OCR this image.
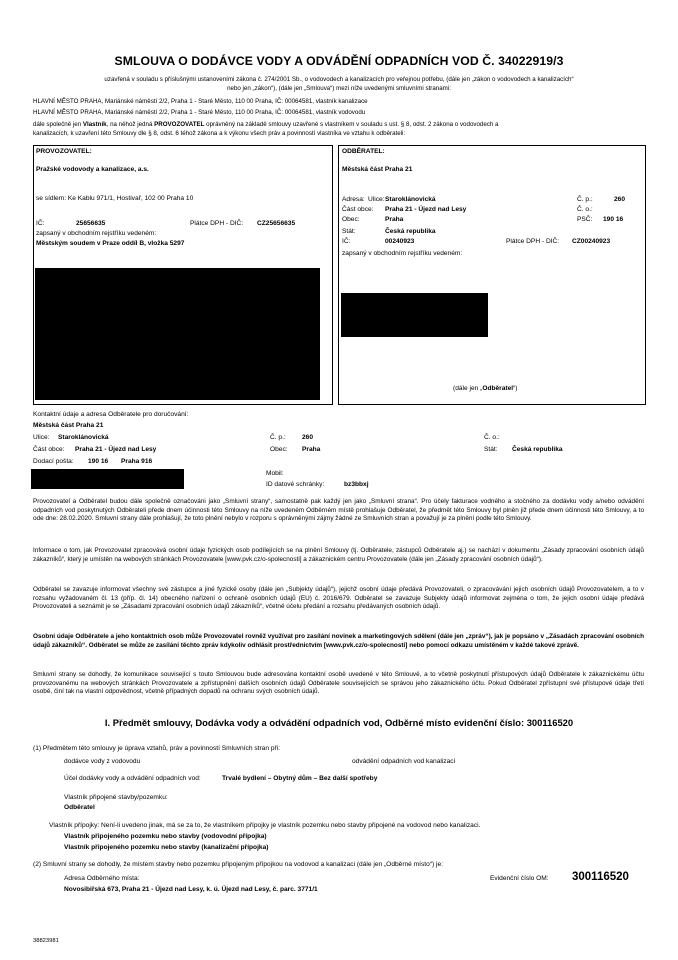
SMLOUVA O DODÁVCE VODY A ODVÁDĚNÍ ODPADNÍCH VOD Č. 34022919/3
uzavřená v souladu s příslušnými ustanoveními zákona č. 274/2001 Sb., o vodovodech a kanalizacích pro veřejnou potřebu, (dále jen „zákon o vodovodech a kanalizacích“
nebo jen „zákon“), (dále jen „Smlouva“) mezi níže uvedenými smluvními stranami:
HLAVNÍ MĚSTO PRAHA, Mariánské náměstí 2/2, Praha 1 - Staré Město, 110 00 Praha, IČ: 00064581, vlastník kanalizace
HLAVNÍ MĚSTO PRAHA, Mariánské náměstí 2/2, Praha 1 - Staré Město, 110 00 Praha, IČ: 00064581, vlastník vodovodu
dále společně jen Vlastník, na něhož jedná PROVOZOVATEL oprávněný na základě smlouvy uzavřené s vlastníkem v souladu s ust. § 8, odst. 2 zákona o vodovodech a
kanalizacích, k uzavření této Smlouvy dle § 8, odst. 6 téhož zákona a k výkonu všech práv a povinností vlastníka ve vztahu k odběrateli:
PROVOZOVATEL:
Pražské vodovody a kanalizace, a.s.
se sídlem: Ke Kablu 971/1, Hostivař, 102 00 Praha 10
IČ:	25656635	Plátce DPH - DIČ: CZ25656635
zapsaný v obchodním rejstříku vedeném:
Městským soudem v Praze oddíl B, vložka 5297
ODBĚRATEL:
Městská část Praha 21
Adresa: Ulice: Staroklánovická	Č. p.:	260
Část obce: Praha 21 - Újezd nad Lesy	Č. o.:
Obec:	Praha	PSČ: 190 16
Stát:	Česká republika
IČ:	00240923	Plátce DPH - DIČ: CZ00240923
zapsaný v obchodním rejstříku vedeném:
(dále jen „Odběratel“)
Kontaktní údaje a adresa Odběratele pro doručování:
Městská část Praha 21
Ulice: Staroklánovická	Č. p.: 260	Č. o.:
Část obce: Praha 21 - Újezd nad Lesy	Obec: Praha	Stát: Česká republika
Dodací pošta: 190 16 Praha 916
Mobil:
ID datové schránky:	bz3bbxj
Provozovatel a Odběratel budou dále společně označováni jako „Smluvní strany“, samostatně pak každý jen jako „Smluvní strana“. Pro účely fakturace vodného a stočného za dodávku vody a/nebo odvádění odpadních vod poskytnutých Odběrateli přede dnem účinnosti této Smlouvy na níže uvedeném Odběrném místě prohlašuje Odběratel, že předmět této Smlouvy byl plněn již přede dnem účinnosti této Smlouvy, a to ode dne: 28.02.2020. Smluvní strany dále prohlašují, že toto plnění nebylo v rozporu s oprávněnými zájmy žádné ze Smluvních stran a považují je za plnění podle této Smlouvy.
Informace o tom, jak Provozovatel zpracovává osobní údaje fyzických osob podílejících se na plnění Smlouvy (tj. Odběratele, zástupců Odběratele aj.) se nachází v dokumentu „Zásady zpracování osobních údajů zákazníků“, který je umístěn na webových stránkách Provozovatele [www.pvk.cz/o-spolecnosti] a zákaznickém centru Provozovatele (dále jen „Zásady zpracování osobních údajů“).
Odběratel se zavazuje informovat všechny své zástupce a jiné fyzické osoby (dále jen „Subjekty údajů“), jejichž osobní údaje předává Provozovateli, o zpracovávání jejich osobních údajů Provozovatelem, a to v rozsahu vyžadovaném čl. 13 (příp. čl. 14) obecného nařízení o ochraně osobních údajů (EU) č. 2016/679. Odběratel se zavazuje Subjekty údajů informovat zejména o tom, že jejich osobní údaje předává Provozovateli a seznámit je se „Zásadami zpracování osobních údajů zákazníků“, včetně účelu předání a rozsahu předávaných osobních údajů.
Osobní údaje Odběratele a jeho kontaktních osob může Provozovatel rovněž využívat pro zasílání novinek a marketingových sdělení (dále jen „zpráv“), jak je popsáno v „Zásadách zpracování osobních údajů zákazníků“. Odběratel se může ze zasílání těchto zpráv kdykoliv odhlásit prostřednictvím [www.pvk.cz/o-spolecnosti] nebo pomocí odkazu umístěném v každé takové zprávě.
Smluvní strany se dohodly, že komunikace související s touto Smlouvou bude adresována kontaktní osobě uvedené v této Smlouvě, a to včetně poskytnutí přístupových údajů Odběratele k zákaznickému účtu provozovanému na webových stránkách Provozovatele a zpřístupnění dalších osobních údajů Odběratele souvisejících se správou jeho zákaznického účtu. Pokud Odběratel zpřístupní své přístupové údaje třetí osobě, činí tak na vlastní odpovědnost, včetně případných dopadů na ochranu svých osobních údajů.
I. Předmět smlouvy, Dodávka vody a odvádění odpadních vod, Odběrné místo evidenční číslo: 300116520
(1) Předmětem této smlouvy je úprava vztahů, práv a povinností Smluvních stran při:
dodávce vody z vodovodu	odvádění odpadních vod kanalizací
Účel dodávky vody a odvádění odpadních vod:	Trvalé bydlení – Obytný dům – Bez další spotřeby
Vlastník připojené stavby/pozemku:
Odběratel
Vlastník přípojky: Není-li uvedeno jinak, má se za to, že vlastníkem přípojky je vlastník pozemku nebo stavby připojené na vodovod nebo kanalizaci.
Vlastník připojeného pozemku nebo stavby (vodovodní přípojka)
Vlastník připojeného pozemku nebo stavby (kanalizační přípojka)
(2) Smluvní strany se dohodly, že místem stavby nebo pozemku připojeným přípojkou na vodovod a kanalizaci (dále jen „Odběrné místo“) je:
Adresa Odběrného místa:
Novosibiřská 673, Praha 21 - Újezd nad Lesy, k. ú. Újezd nad Lesy, č. parc. 3771/1
Evidenční číslo OM: 300116520
38823981
